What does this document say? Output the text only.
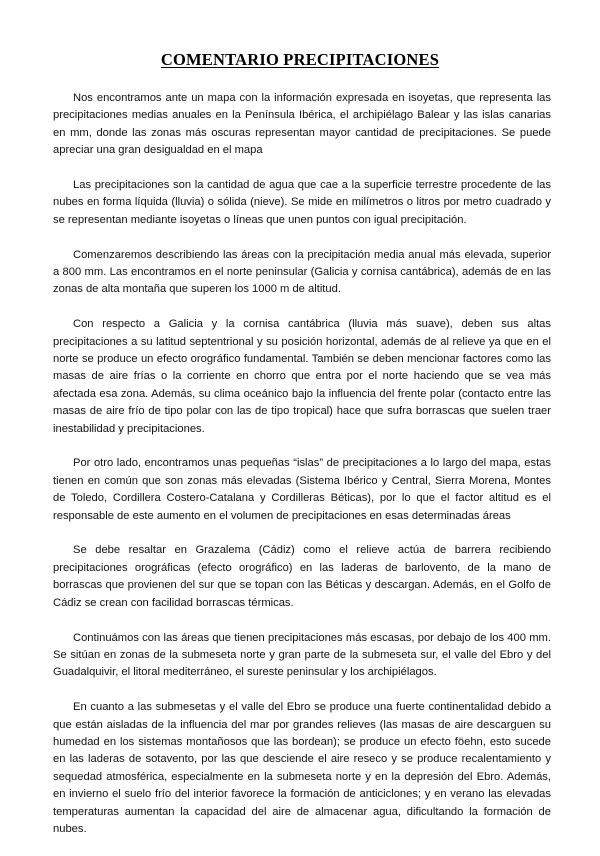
COMENTARIO PRECIPITACIONES

Nos encontramos ante un mapa con la información expresada en isoyetas, que representa las precipitaciones medias anuales en la Península Ibérica, el archipiélago Balear y las islas canarias en mm, donde las zonas más oscuras representan mayor cantidad de precipitaciones. Se puede apreciar una gran desigualdad en el mapa

Las precipitaciones son la cantidad de agua que cae a la superficie terrestre procedente de las nubes en forma líquida (lluvia) o sólida (nieve). Se mide en milímetros o litros por metro cuadrado y se representan mediante isoyetas o líneas que unen puntos con igual precipitación.

Comenzaremos describiendo las áreas con la precipitación media anual más elevada, superior a 800 mm. Las encontramos en el norte peninsular (Galicia y cornisa cantábrica), además de en las zonas de alta montaña que superen los 1000 m de altitud.

Con respecto a Galicia y la cornisa cantábrica (lluvia más suave), deben sus altas precipitaciones a su latitud septentrional y su posición horizontal, además de al relieve ya que en el norte se produce un efecto orográfico fundamental. También se deben mencionar factores como las masas de aire frías o la corriente en chorro que entra por el norte haciendo que se vea más afectada esa zona. Además, su clima oceánico bajo la influencia del frente polar (contacto entre las masas de aire frío de tipo polar con las de tipo tropical) hace que sufra borrascas que suelen traer inestabilidad y precipitaciones.

Por otro lado, encontramos unas pequeñas “islas” de precipitaciones a lo largo del mapa, estas tienen en común que son zonas más elevadas (Sistema Ibérico y Central, Sierra Morena, Montes de Toledo, Cordillera Costero-Catalana y Cordilleras Béticas), por lo que el factor altitud es el responsable de este aumento en el volumen de precipitaciones en esas determinadas áreas

Se debe resaltar en Grazalema (Cádiz) como el relieve actúa de barrera recibiendo precipitaciones orográficas (efecto orográfico) en las laderas de barlovento, de la mano de borrascas que provienen del sur que se topan con las Béticas y descargan. Además, en el Golfo de Cádiz se crean con facilidad borrascas térmicas.

Continuámos con las áreas que tienen precipitaciones más escasas, por debajo de los 400 mm. Se sitúan en zonas de la submeseta norte y gran parte de la submeseta sur, el valle del Ebro y del Guadalquivir, el litoral mediterráneo, el sureste peninsular y los archipiélagos.

En cuanto a las submesetas y el valle del Ebro se produce una fuerte continentalidad debido a que están aisladas de la influencia del mar por grandes relieves (las masas de aire descarguen su humedad en los sistemas montañosos que las bordean); se produce un efecto föehn, esto sucede en las laderas de sotavento, por las que desciende el aire reseco y se produce recalentamiento y sequedad atmosférica, especialmente en la submeseta norte y en la depresión del Ebro. Además, en invierno el suelo frío del interior favorece la formación de anticiclones; y en verano las elevadas temperaturas aumentan la capacidad del aire de almacenar agua, dificultando la formación de nubes.
